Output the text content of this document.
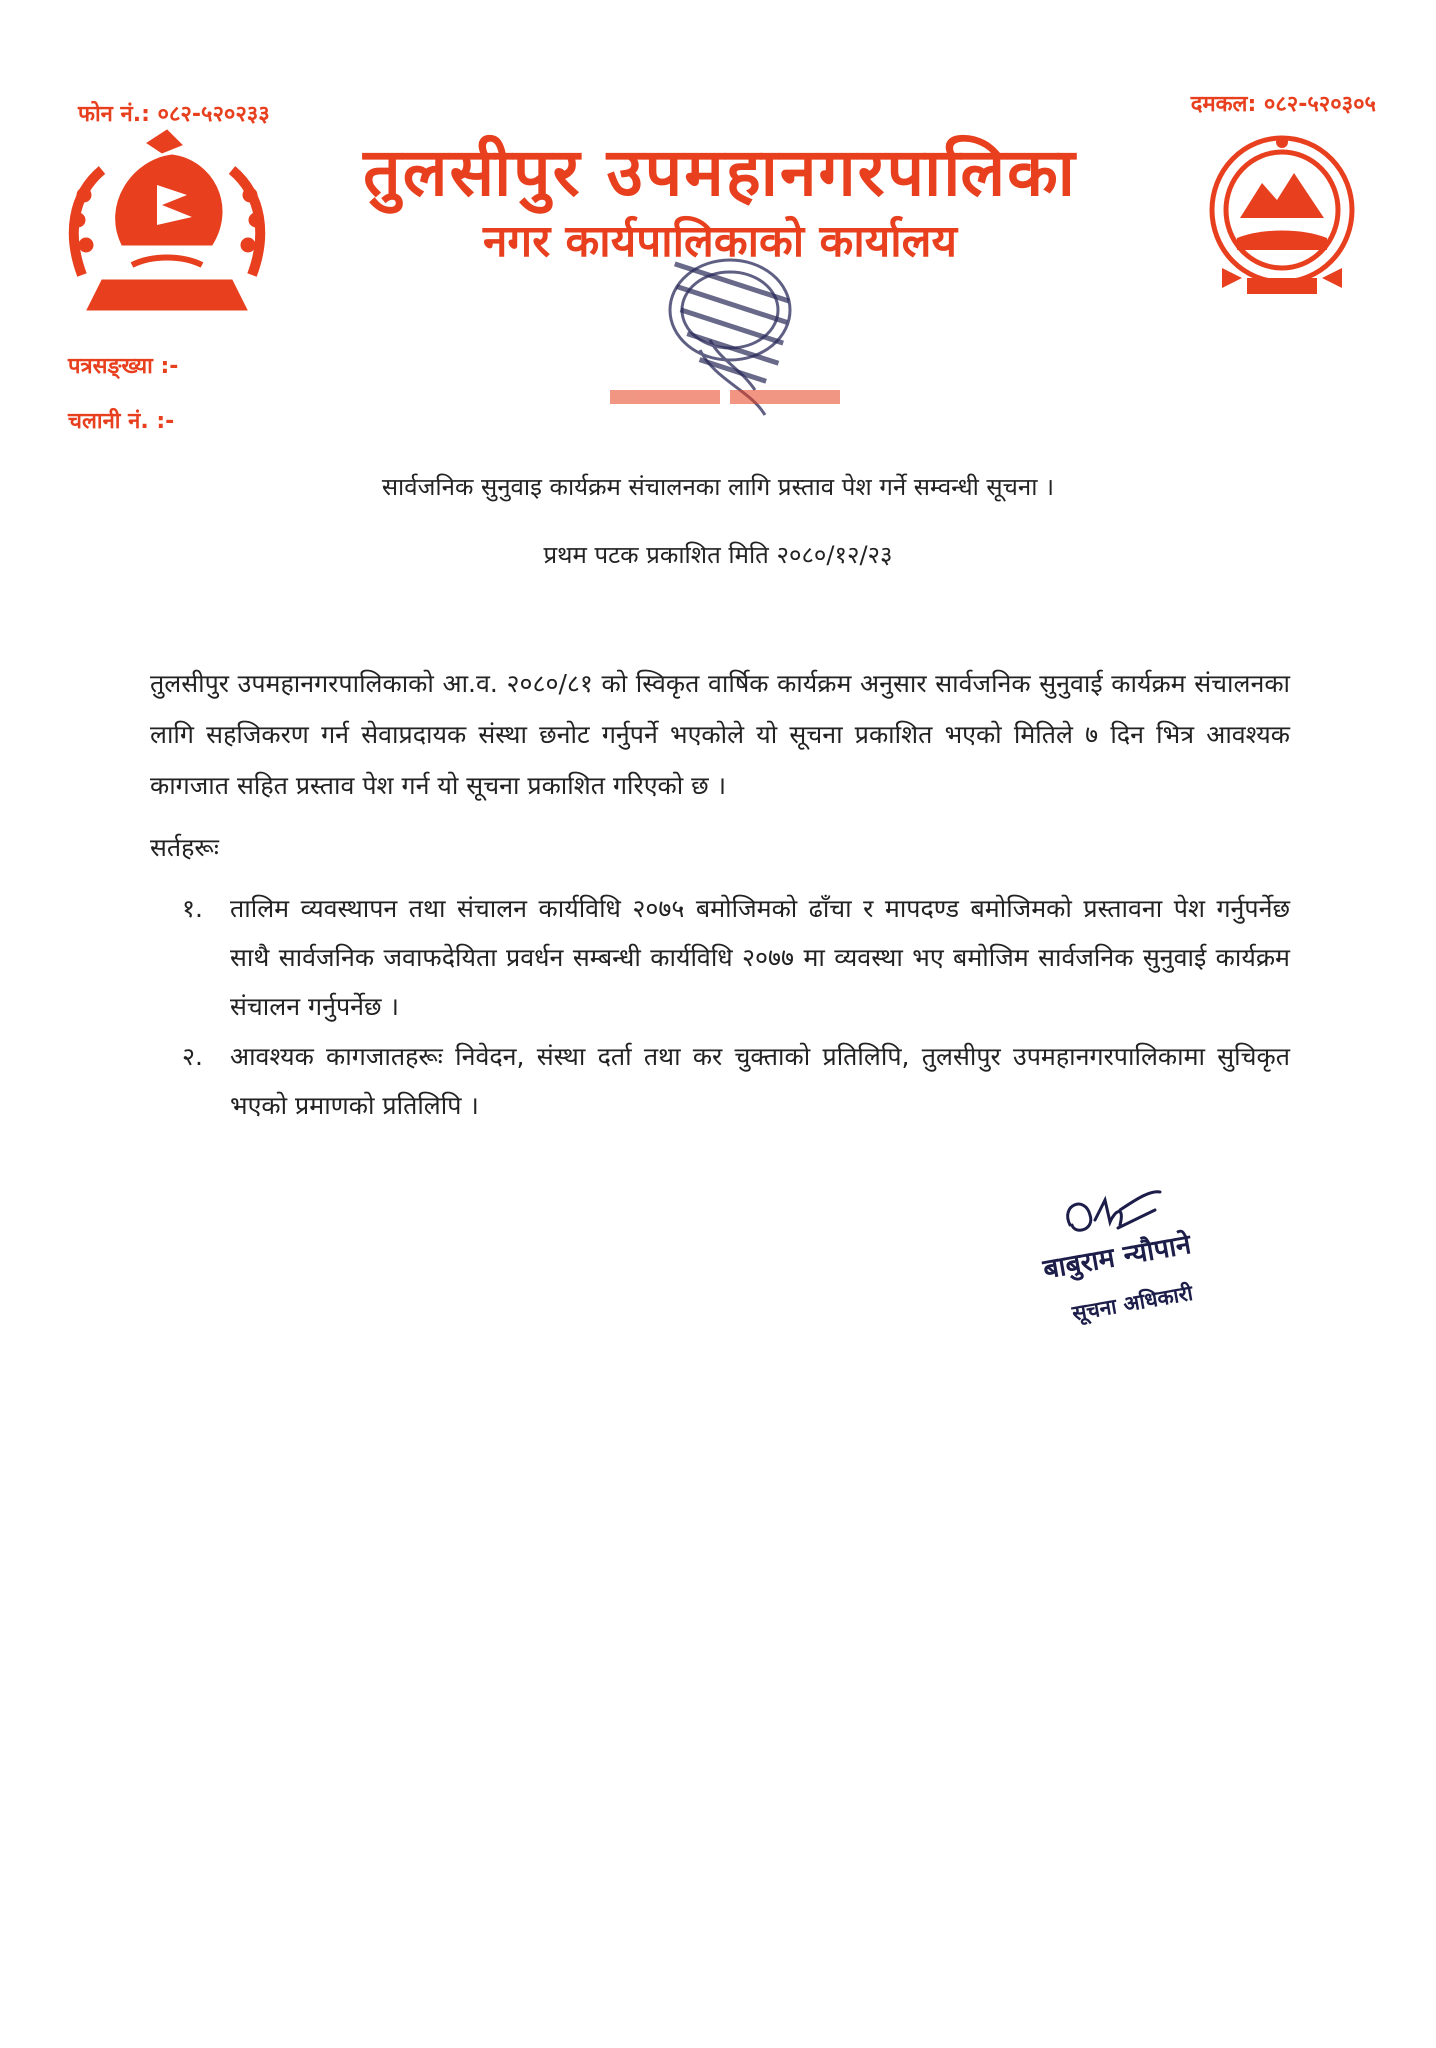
फोन नं.: ०८२-५२०२३३	दमकल: ०८२-५२०३०५
तुलसीपुर उपमहानगरपालिका
नगर कार्यपालिकाको कार्यालय
पत्रसङ्ख्या :-
चलानी नं. :-
सार्वजनिक सुनुवाइ कार्यक्रम संचालनका लागि प्रस्ताव पेश गर्ने सम्वन्धी सूचना ।
प्रथम पटक प्रकाशित मिति २०८०/१२/२३
तुलसीपुर उपमहानगरपालिकाको आ.व. २०८०/८१ को स्विकृत वार्षिक कार्यक्रम अनुसार सार्वजनिक सुनुवाई कार्यक्रम संचालनका लागि सहजिकरण गर्न सेवाप्रदायक संस्था छनोट गर्नुपर्ने भएकोले यो सूचना प्रकाशित भएको मितिले ७ दिन भित्र आवश्यक कागजात सहित प्रस्ताव पेश गर्न यो सूचना प्रकाशित गरिएको छ ।
सर्तहरूः
१. तालिम व्यवस्थापन तथा संचालन कार्यविधि २०७५ बमोजिमको ढाँचा र मापदण्ड बमोजिमको प्रस्तावना पेश गर्नुपर्नेछ साथै सार्वजनिक जवाफदेयिता प्रवर्धन सम्बन्धी कार्यविधि २०७७ मा व्यवस्था भए बमोजिम सार्वजनिक सुनुवाई कार्यक्रम संचालन गर्नुपर्नेछ ।
२. आवश्यक कागजातहरूः निवेदन, संस्था दर्ता तथा कर चुक्ताको प्रतिलिपि, तुलसीपुर उपमहानगरपालिकामा सुचिकृत भएको प्रमाणको प्रतिलिपि ।
बाबुराम न्यौपाने
सूचना अधिकारी
